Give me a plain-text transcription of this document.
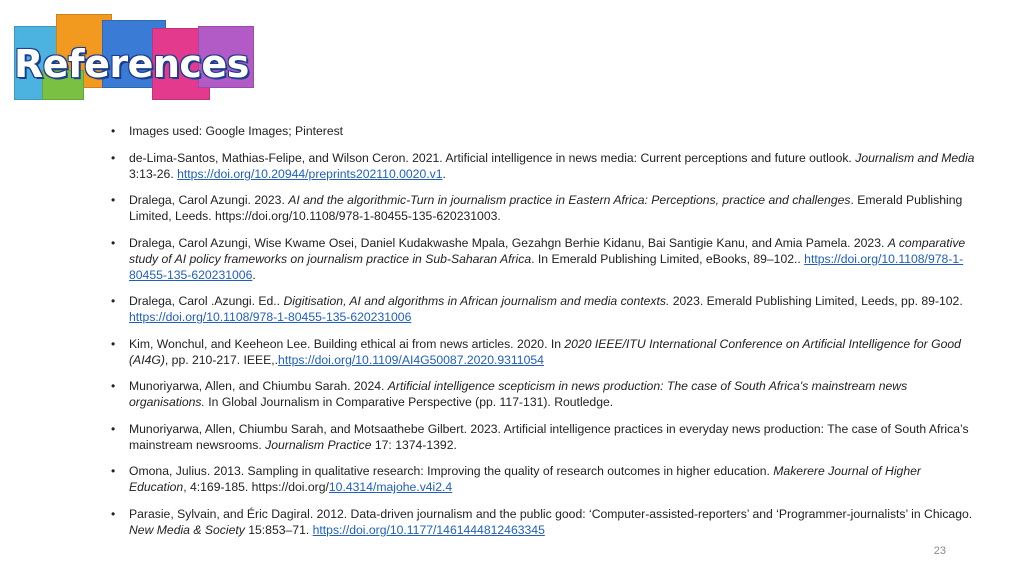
References
• Images used: Google Images; Pinterest
• de-Lima-Santos, Mathias-Felipe, and Wilson Ceron. 2021. Artificial intelligence in news media: Current perceptions and future outlook. Journalism and Media 3:13-26. https://doi.org/10.20944/preprints202110.0020.v1.
• Dralega, Carol Azungi. 2023. AI and the algorithmic-Turn in journalism practice in Eastern Africa: Perceptions, practice and challenges. Emerald Publishing Limited, Leeds. https://doi.org/10.1108/978-1-80455-135-620231003.
• Dralega, Carol Azungi, Wise Kwame Osei, Daniel Kudakwashe Mpala, Gezahgn Berhie Kidanu, Bai Santigie Kanu, and Amia Pamela. 2023. A comparative study of AI policy frameworks on journalism practice in Sub-Saharan Africa. In Emerald Publishing Limited, eBooks, 89–102.. https://doi.org/10.1108/978-1-80455-135-620231006.
• Dralega, Carol .Azungi. Ed.. Digitisation, AI and algorithms in African journalism and media contexts. 2023. Emerald Publishing Limited, Leeds, pp. 89-102. https://doi.org/10.1108/978-1-80455-135-620231006
• Kim, Wonchul, and Keeheon Lee. Building ethical ai from news articles. 2020. In 2020 IEEE/ITU International Conference on Artificial Intelligence for Good (AI4G), pp. 210-217. IEEE,.https://doi.org/10.1109/AI4G50087.2020.9311054
• Munoriyarwa, Allen, and Chiumbu Sarah. 2024. Artificial intelligence scepticism in news production: The case of South Africa's mainstream news organisations. In Global Journalism in Comparative Perspective (pp. 117-131). Routledge.
• Munoriyarwa, Allen, Chiumbu Sarah, and Motsaathebe Gilbert. 2023. Artificial intelligence practices in everyday news production: The case of South Africa’s mainstream newsrooms. Journalism Practice 17: 1374-1392.
• Omona, Julius. 2013. Sampling in qualitative research: Improving the quality of research outcomes in higher education. Makerere Journal of Higher Education, 4:169-185. https://doi.org/10.4314/majohe.v4i2.4
• Parasie, Sylvain, and Éric Dagiral. 2012. Data-driven journalism and the public good: ‘Computer-assisted-reporters’ and ‘Programmer-journalists’ in Chicago. New Media & Society 15:853–71. https://doi.org/10.1177/1461444812463345
23
